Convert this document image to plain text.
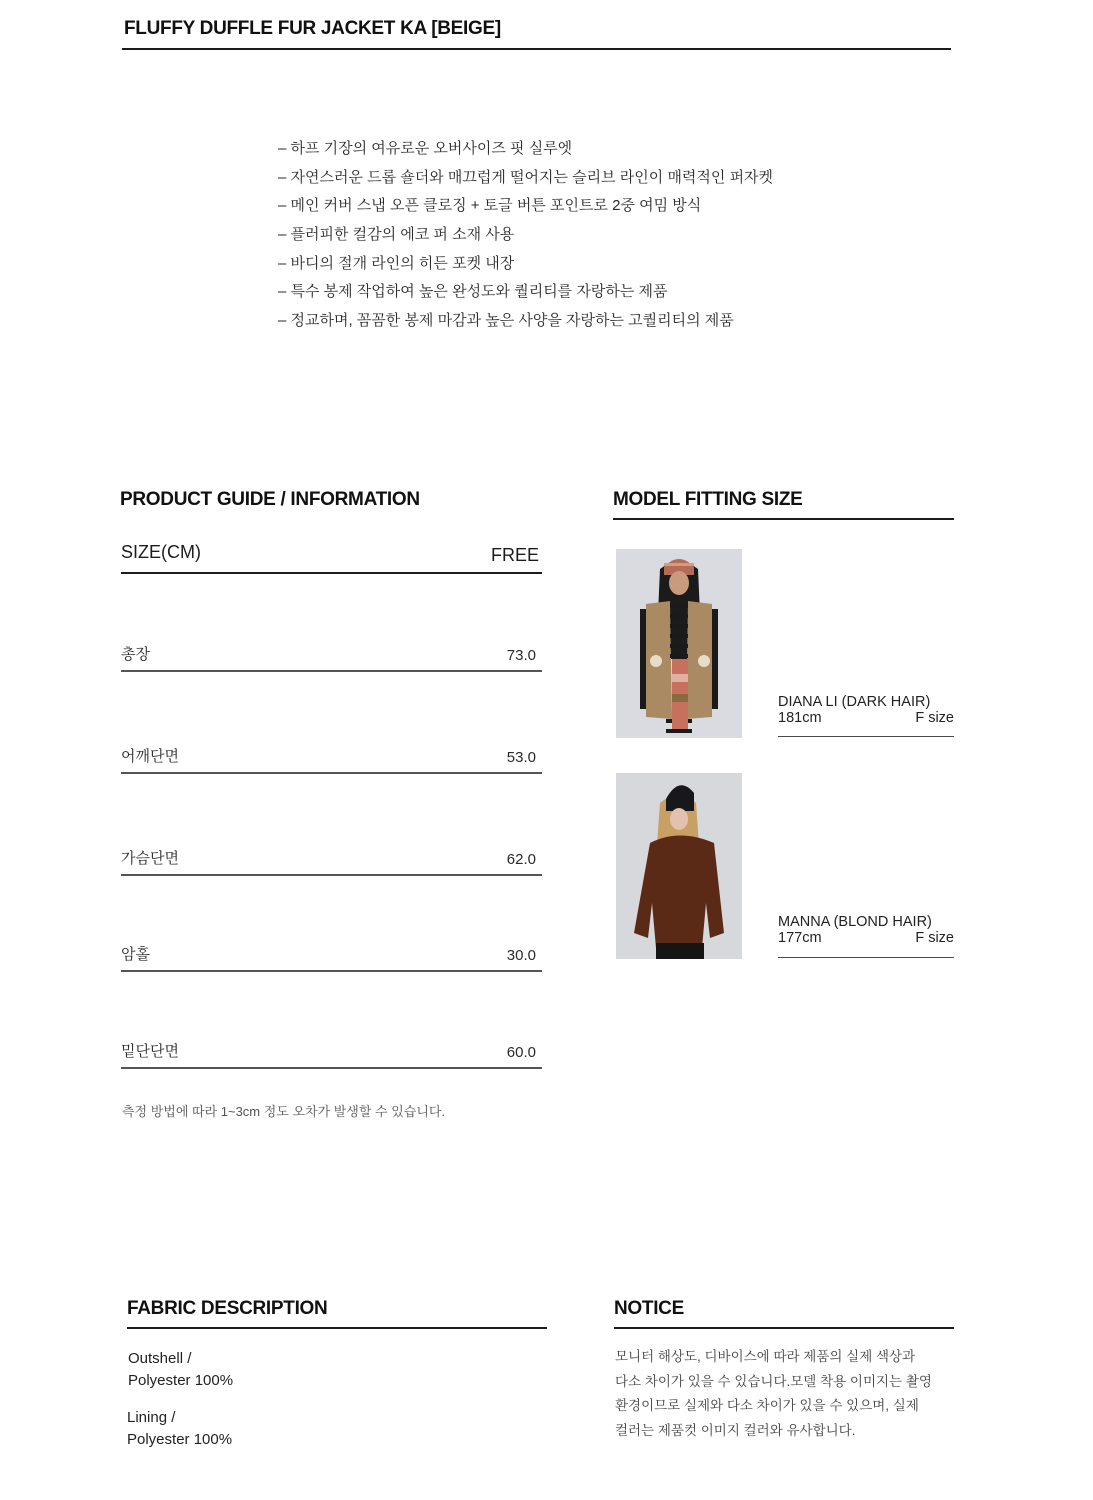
FLUFFY DUFFLE FUR JACKET KA [BEIGE]
– 하프 기장의 여유로운 오버사이즈 핏 실루엣
– 자연스러운 드롭 숄더와 매끄럽게 떨어지는 슬리브 라인이 매력적인 퍼자켓
– 메인 커버 스냅 오픈 클로징 + 토글 버튼 포인트로 2중 여밈 방식
– 플러피한 컬감의 에코 퍼 소재 사용
– 바디의 절개 라인의 히든 포켓 내장
– 특수 봉제 작업하여 높은 완성도와 퀄리티를 자랑하는 제품
– 정교하며, 꼼꼼한 봉제 마감과 높은 사양을 자랑하는 고퀄리티의 제품
PRODUCT GUIDE / INFORMATION
SIZE(CM)	FREE
총장	73.0
어깨단면	53.0
가슴단면	62.0
암홀	30.0
밑단단면	60.0
측정 방법에 따라 1~3cm 정도 오차가 발생할 수 있습니다.
MODEL FITTING SIZE
DIANA LI (DARK HAIR)
181cm	F size
MANNA (BLOND HAIR)
177cm	F size
FABRIC DESCRIPTION
Outshell /
Polyester 100%
Lining /
Polyester 100%
NOTICE
모니터 해상도, 디바이스에 따라 제품의 실제 색상과
다소 차이가 있을 수 있습니다.모델 착용 이미지는 촬영
환경이므로 실제와 다소 차이가 있을 수 있으며, 실제
컬러는 제품컷 이미지 컬러와 유사합니다.
